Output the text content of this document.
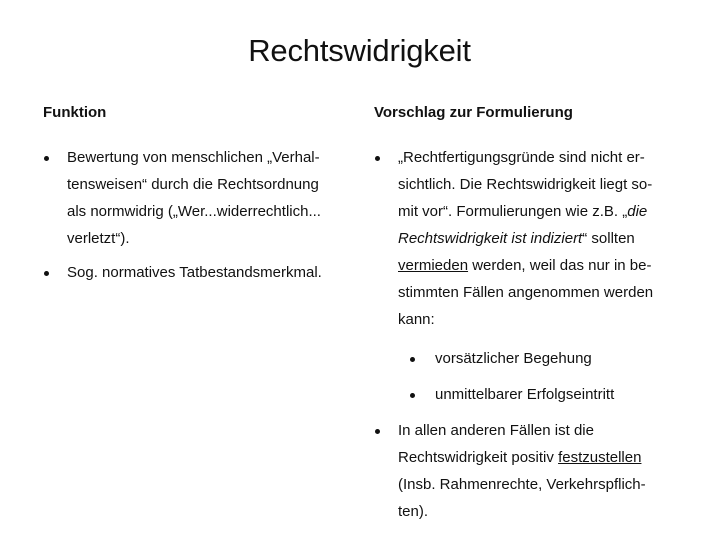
Rechtswidrigkeit
Funktion
Bewertung von menschlichen „Verhal-
tensweisen“ durch die Rechtsordnung
als normwidrig („Wer...widerrechtlich...
verletzt“).
Sog. normatives Tatbestandsmerkmal.
Vorschlag zur Formulierung
„Rechtfertigungsgründe sind nicht er-
sichtlich. Die Rechtswidrigkeit liegt so-
mit vor“. Formulierungen wie z.B. „die
Rechtswidrigkeit ist indiziert“ sollten
vermieden werden, weil das nur in be-
stimmten Fällen angenommen werden
kann:
vorsätzlicher Begehung
unmittelbarer Erfolgseintritt
In allen anderen Fällen ist die
Rechtswidrigkeit positiv festzustellen
(Insb. Rahmenrechte, Verkehrspflich-
ten).
